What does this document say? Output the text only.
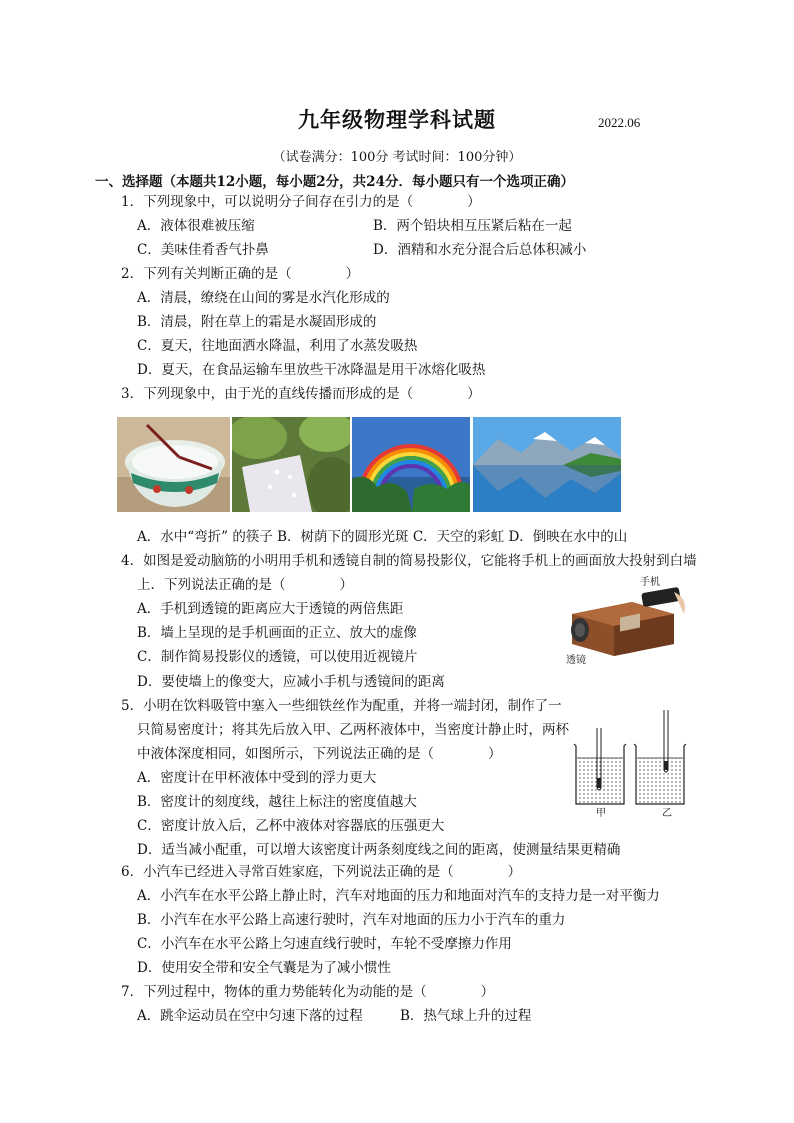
九年级物理学科试题	2022.06
（试卷满分：100分 考试时间：100分钟）
一、选择题（本题共12小题，每小题2分，共24分．每小题只有一个选项正确）
1．下列现象中，可以说明分子间存在引力的是（　　　　）
A．液体很难被压缩	B．两个铅块相互压紧后粘在一起
C．美味佳肴香气扑鼻	D．酒精和水充分混合后总体积减小
2．下列有关判断正确的是（　　　　）
A．清晨，缭绕在山间的雾是水汽化形成的
B．清晨，附在草上的霜是水凝固形成的
C．夏天，往地面洒水降温，利用了水蒸发吸热
D．夏天，在食品运输车里放些干冰降温是用干冰熔化吸热
3．下列现象中，由于光的直线传播而形成的是（　　　　）
A．水中“弯折” 的筷子 B．树荫下的圆形光斑 C．天空的彩虹 D．倒映在水中的山
4．如图是爱动脑筋的小明用手机和透镜自制的简易投影仪，它能将手机上的画面放大投射到白墙
上．下列说法正确的是（　　　　）
A．手机到透镜的距离应大于透镜的两倍焦距
B．墙上呈现的是手机画面的正立、放大的虚像
C．制作简易投影仪的透镜，可以使用近视镜片
D．要使墙上的像变大，应减小手机与透镜间的距离
手机
透镜
5．小明在饮料吸管中塞入一些细铁丝作为配重，并将一端封闭，制作了一
只简易密度计；将其先后放入甲、乙两杯液体中，当密度计静止时，两杯
中液体深度相同，如图所示，下列说法正确的是（　　　　）
A．密度计在甲杯液体中受到的浮力更大
B．密度计的刻度线，越往上标注的密度值越大
C．密度计放入后，乙杯中液体对容器底的压强更大
D．适当减小配重，可以增大该密度计两条刻度线之间的距离，使测量结果更精确
甲	乙
6．小汽车已经进入寻常百姓家庭，下列说法正确的是（　　　　）
A．小汽车在水平公路上静止时，汽车对地面的压力和地面对汽车的支持力是一对平衡力
B．小汽车在水平公路上高速行驶时，汽车对地面的压力小于汽车的重力
C．小汽车在水平公路上匀速直线行驶时，车轮不受摩擦力作用
D．使用安全带和安全气囊是为了减小惯性
7．下列过程中，物体的重力势能转化为动能的是（　　　　）
A．跳伞运动员在空中匀速下落的过程	B．热气球上升的过程
